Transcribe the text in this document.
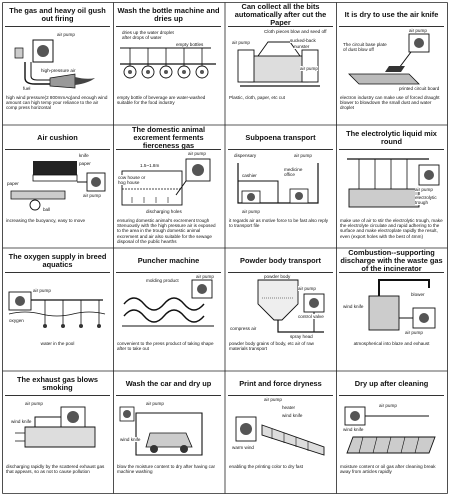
The gas and heavy oil gush out firing
air pump
high-pressure air
fuel
high wind pressure(2 800mmAq)and enough wind amount can high temp your reliance to the air comp press horizontal
Wash the bottle machine and dries up
dries up the water droplet after drops of water
empty bottles
empty bottle of beverage are water-washed suitable for the food industry
Can collect all the bits automatically after cut the Paper
Cloth pieces blow and seed off
air pump	sucked-back
nunster
air pump
Plastic, cloth, paper, etc cut
It is dry to use the air knife
The circuit base plate of dust blow off
air pump
printed circuit board
electron industry can make use of forced draught blower to blowdown the small dust and water droplet
Air cushion
knife
paper
air pump
paper
ball
increasing the buoyancy, easy to move
The domestic animal excrement ferments fierceness gas
air pump
1.5~1.8m
cow house or hog house
discharging holes
ensuring domestic animal's excrement trough Stenuously with the high pressure air is exposed to the area in the trough domestic animal excrement and air also suitable for the sewage disposal of the public hearths
Subpoena transport
dispensary
medicine office
air pump
cashier
air pump
it regards air as motive force to be fast also reply to transport file
The electrolytic liquid mix round
air pump
electrolytic trough
make use of air to stir the electrolytic trough, make the electrolyte circulate and rapid adhering to the surface and make electroplate rapidly the result, even (export holes with the best of 4mm)
The oxygen supply in breed aquatics
air pump
oxygen
water in the pool
Puncher machine
air pump
molding product
convenient to the press product of taking shape after to take out
Powder body transport
powder body
air pump
control valve
compress air
spray head
powder body grains of body, etc air of raw materials transport
Combustion--supporting discharge with the waste gas of the incinerator
wind knife
air pump
blower
atmospherical into blaze and exhaust
The exhaust gas blows smoking
air pump
wind knife
discharging rapidly by the scattered exhaust gas that appears, so as not to cause pollution
Wash the car and dry up
air pump
wind knife
blow the moisture content to dry after having car machine washing
Print and force dryness
air pump
heater
wind knife
warm wind
enabling the printing color to dry fast
Dry up after cleaning
air pump
wind knife
moisture content or oil gas after cleaning break away from articles rapidly
